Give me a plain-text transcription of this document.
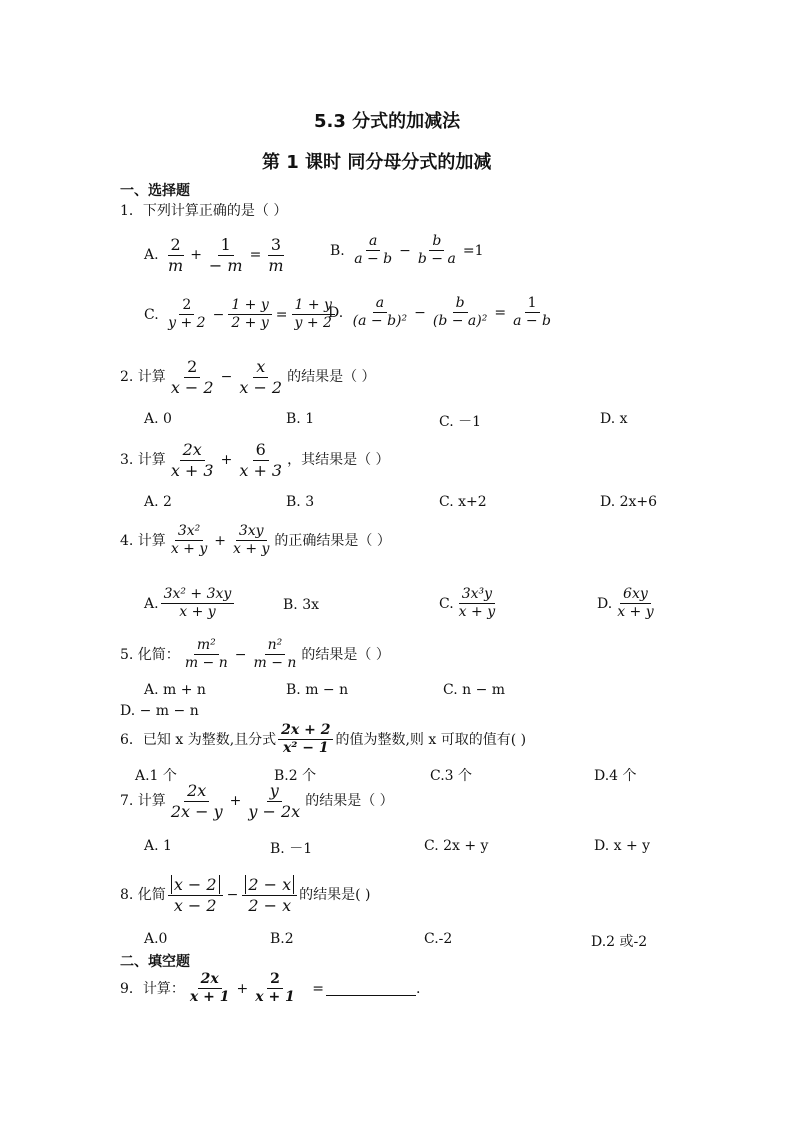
5.3 分式的加减法
第 1 课时 同分母分式的加减
一、选择题
1．下列计算正确的是（ ）
A. $\frac{2}{m} + \frac{1}{- m} = \frac{3}{m}$	B. $\frac{a}{a - b} - \frac{b}{b - a} =1$
C. $\frac{2}{y + 2} - \frac{1 + y}{2 + y} = \frac{1 + y}{y + 2}$
D. $\frac{a}{\text{(a − b)²}} - \frac{b}{\text{(b − a)²}} = \frac{1}{a - b}$
2. 计算 $\frac{2}{x - 2} - \frac{x}{x - 2}$ 的结果是（ ）
A. 0	B. 1	C. －1	D. x
3. 计算 $\frac{2x}{x + 3} + \frac{6}{x + 3}$ ，其结果是（ ）
A. 2	B. 3	C. x+2	D. 2x+6
4. 计算 $\frac{\text{3x²}}{x + y} + \frac{3xy}{x + y}$ 的正确结果是（ ）
A. $\frac{\text{3x² + 3xy}}{x + y}$	B. 3x	C. $\frac{\text{3x³y}}{x + y}$	D. $\frac{6xy}{x + y}$
5. 化简： $\frac{\text{m²}}{m - n} - \frac{\text{n²}}{m - n}$ 的结果是（ ）
A. m + n	B. m − n	C. n − m
D. − m − n
6．已知 x 为整数,且分式 $\frac{2x + 2}{\text{x² − 1}}$ 的值为整数,则 x 可取的值有( )
A.1 个	B.2 个	C.3 个	D.4 个
7. 计算 $\frac{2x}{2x - y} + \frac{y}{y - 2x}$ 的结果是（ ）
A. 1	B. －1	C. 2x + y	D. x + y
8. 化简 $\frac{x - 2}{x - 2} - \frac{2 - x}{2 - x}$ 的结果是( )
A.0	B.2	C.-2	D.2 或-2
二、填空题
9．计算： $\frac{2x}{x + 1} + \frac{2}{x + 1}$ =	.
